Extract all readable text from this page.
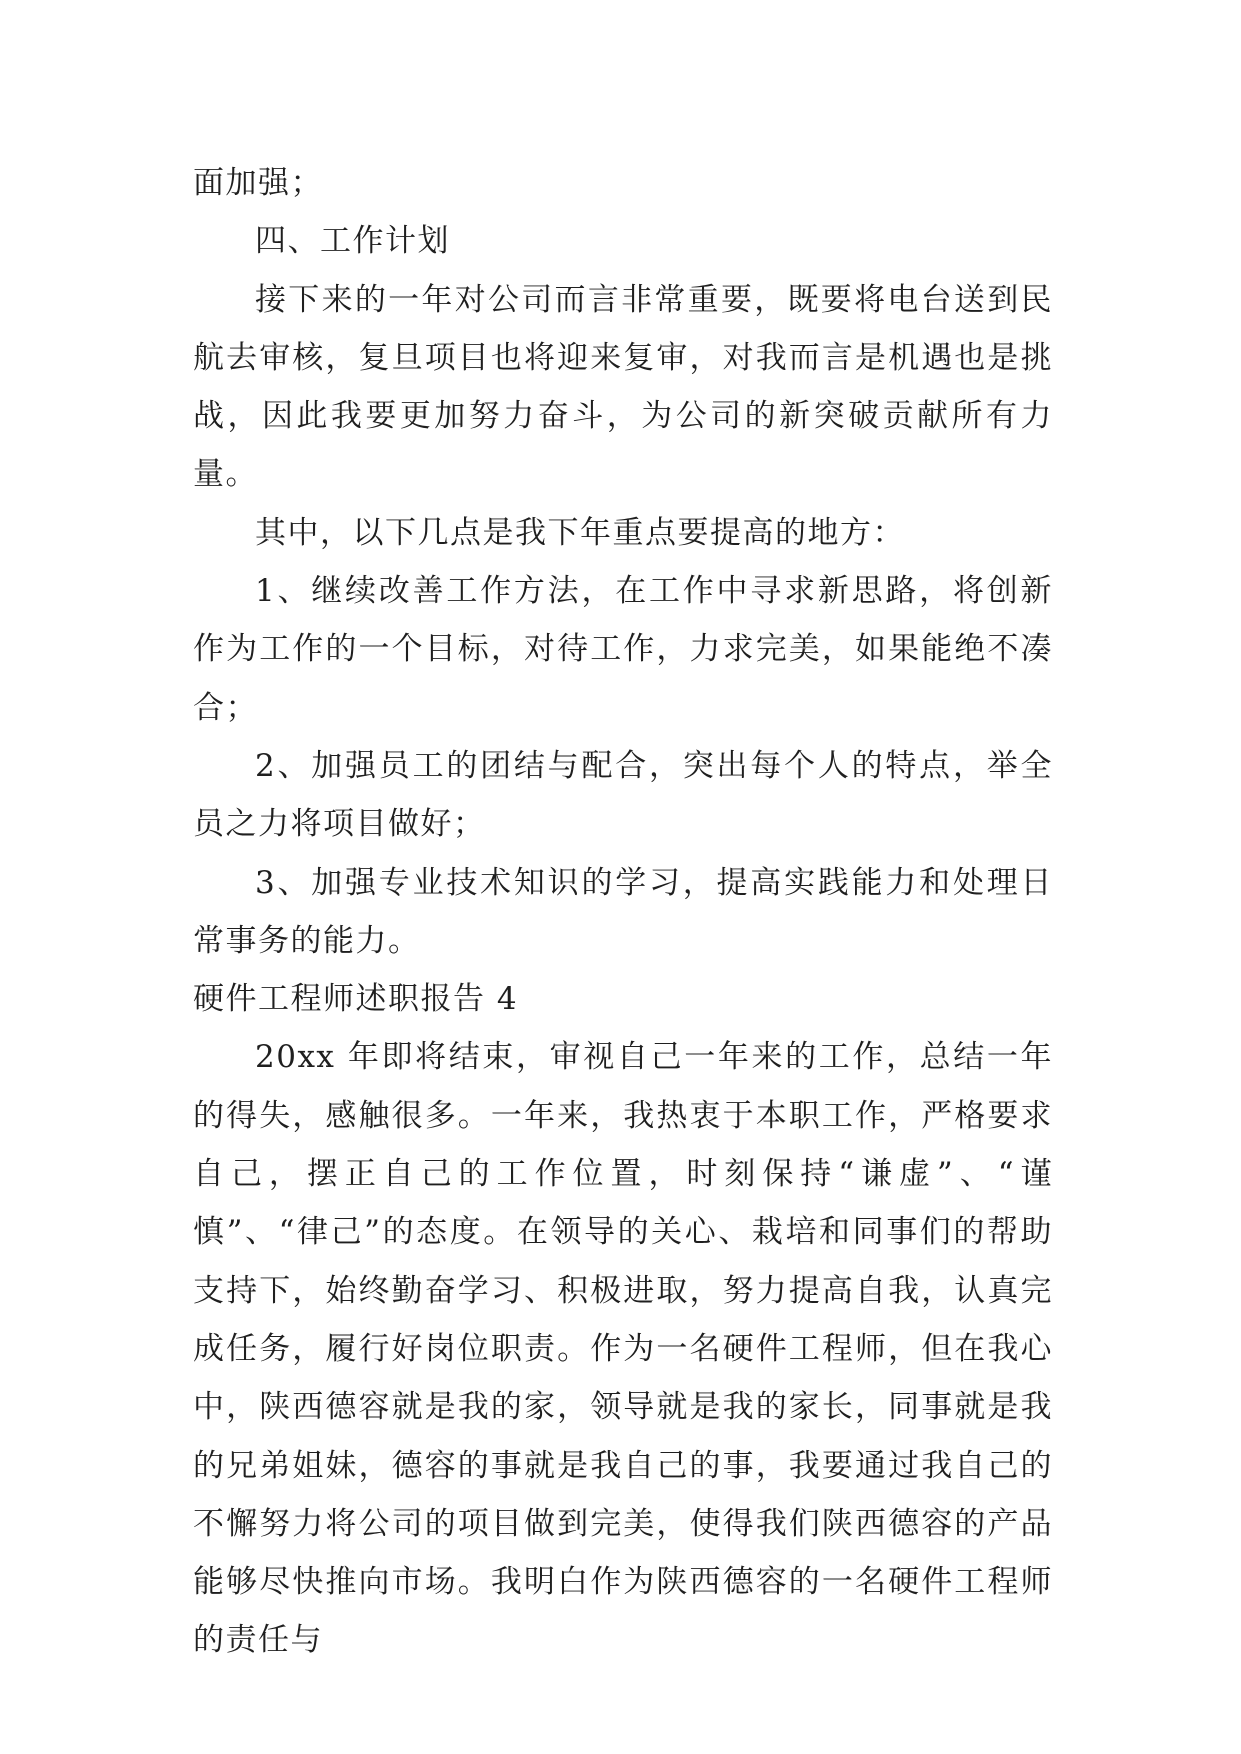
面加强；

四、工作计划

接下来的一年对公司而言非常重要，既要将电台送到民航去审核，复旦项目也将迎来复审，对我而言是机遇也是挑战，因此我要更加努力奋斗，为公司的新突破贡献所有力量。

其中，以下几点是我下年重点要提高的地方：

1、继续改善工作方法，在工作中寻求新思路，将创新作为工作的一个目标，对待工作，力求完美，如果能绝不凑合；

2、加强员工的团结与配合，突出每个人的特点，举全员之力将项目做好；

3、加强专业技术知识的学习，提高实践能力和处理日常事务的能力。

硬件工程师述职报告 4

20xx 年即将结束，审视自己一年来的工作，总结一年的得失，感触很多。一年来，我热衷于本职工作，严格要求自己，摆正自己的工作位置，时刻保持“谦虚”、“谨慎”、“律己”的态度。在领导的关心、栽培和同事们的帮助支持下，始终勤奋学习、积极进取，努力提高自我，认真完成任务，履行好岗位职责。作为一名硬件工程师，但在我心中，陕西德容就是我的家，领导就是我的家长，同事就是我的兄弟姐妹，德容的事就是我自己的事，我要通过我自己的不懈努力将公司的项目做到完美，使得我们陕西德容的产品能够尽快推向市场。我明白作为陕西德容的一名硬件工程师的责任与
